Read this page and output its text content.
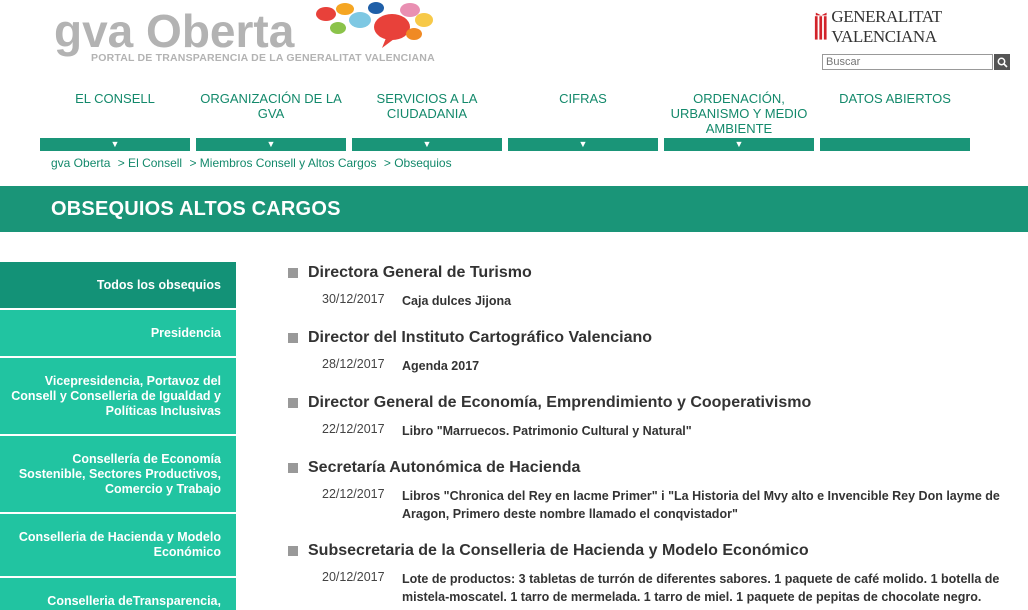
gva Oberta
PORTAL DE TRANSPARENCIA DE LA GENERALITAT VALENCIANA
GENERALITAT VALENCIANA
Buscar
EL CONSELL
▼
ORGANIZACIÓN DE LA GVA
▼
SERVICIOS A LA CIUDADANIA
▼
CIFRAS
▼
ORDENACIÓN, URBANISMO Y MEDIO AMBIENTE
▼
DATOS ABIERTOS
gva Oberta > El Consell > Miembros Consell y Altos Cargos > Obsequios
OBSEQUIOS ALTOS CARGOS
Todos los obsequios
Presidencia
Vicepresidencia, Portavoz del Consell y Conselleria de Igualdad y Políticas Inclusivas
Consellería de Economía Sostenible, Sectores Productivos, Comercio y Trabajo
Conselleria de Hacienda y Modelo Económico
Conselleria deTransparencia,
Directora General de Turismo
30/12/2017 Caja dulces Jijona
Director del Instituto Cartográfico Valenciano
28/12/2017 Agenda 2017
Director General de Economía, Emprendimiento y Cooperativismo
22/12/2017 Libro "Marruecos. Patrimonio Cultural y Natural"
Secretaría Autonómica de Hacienda
22/12/2017 Libros "Chronica del Rey en lacme Primer" i "La Historia del Mvy alto e Invencible Rey Don layme de Aragon, Primero deste nombre llamado el conqvistador"
Subsecretaria de la Conselleria de Hacienda y Modelo Económico
20/12/2017 Lote de productos: 3 tabletas de turrón de diferentes sabores. 1 paquete de café molido. 1 botella de mistela-moscatel. 1 tarro de mermelada. 1 tarro de miel. 1 paquete de pepitas de chocolate negro.
